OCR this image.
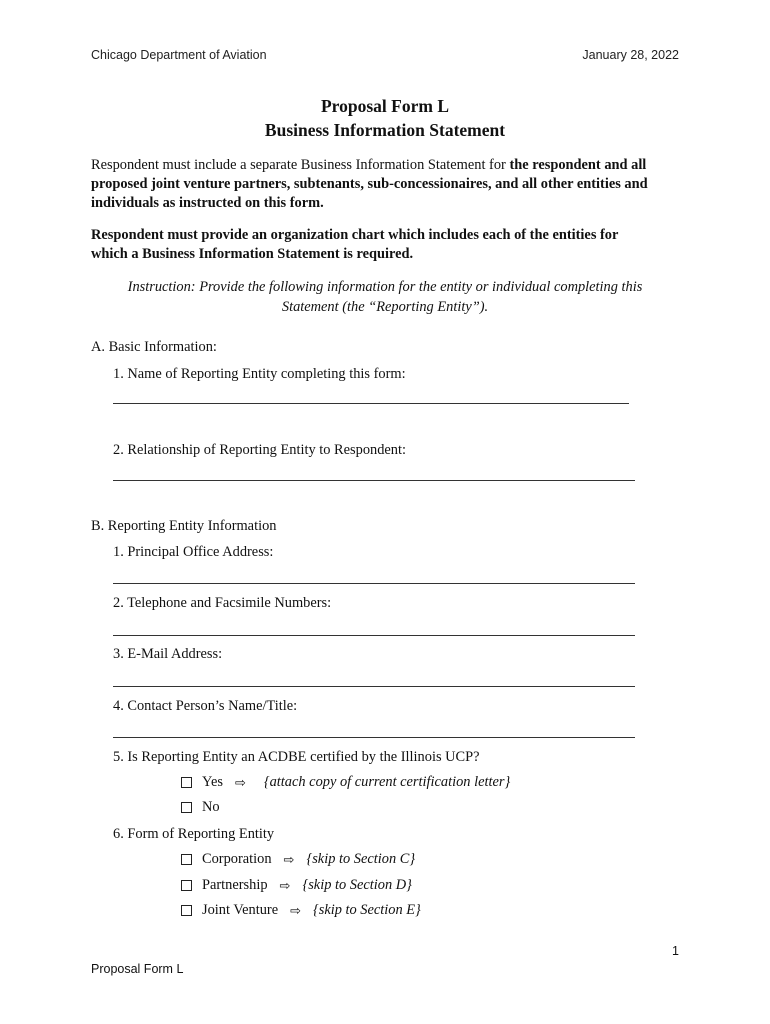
Chicago Department of Aviation	January 28, 2022
Proposal Form L
Business Information Statement
Respondent must include a separate Business Information Statement for the respondent and all proposed joint venture partners, subtenants, sub-concessionaires, and all other entities and individuals as instructed on this form.
Respondent must provide an organization chart which includes each of the entities for which a Business Information Statement is required.
Instruction: Provide the following information for the entity or individual completing this Statement (the “Reporting Entity”).
A. Basic Information:
1. Name of Reporting Entity completing this form:
2. Relationship of Reporting Entity to Respondent:
B. Reporting Entity Information
1. Principal Office Address:
2. Telephone and Facsimile Numbers:
3. E-Mail Address:
4. Contact Person’s Name/Title:
5. Is Reporting Entity an ACDBE certified by the Illinois UCP?
Yes ⇨ {attach copy of current certification letter}
No
6. Form of Reporting Entity
Corporation ⇨ {skip to Section C}
Partnership ⇨ {skip to Section D}
Joint Venture ⇨ {skip to Section E}
1
Proposal Form L
